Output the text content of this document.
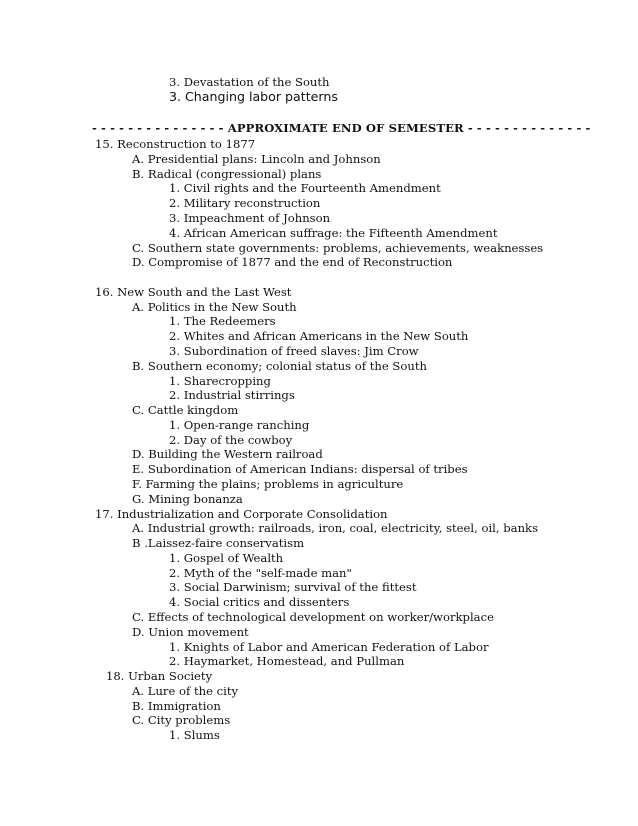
3. Devastation of the South
3. Changing labor patterns
- - - - - - - - - - - - - - - APPROXIMATE END OF SEMESTER - - - - - - - - - - - - - -
15. Reconstruction to 1877
A. Presidential plans: Lincoln and Johnson
B. Radical (congressional) plans
1. Civil rights and the Fourteenth Amendment
2. Military reconstruction
3. Impeachment of Johnson
4. African American suffrage: the Fifteenth Amendment
C. Southern state governments: problems, achievements, weaknesses
D. Compromise of 1877 and the end of Reconstruction
16. New South and the Last West
A. Politics in the New South
1. The Redeemers
2. Whites and African Americans in the New South
3. Subordination of freed slaves: Jim Crow
B. Southern economy; colonial status of the South
1. Sharecropping
2. Industrial stirrings
C. Cattle kingdom
1. Open-range ranching
2. Day of the cowboy
D. Building the Western railroad
E. Subordination of American Indians: dispersal of tribes
F. Farming the plains; problems in agriculture
G. Mining bonanza
17. Industrialization and Corporate Consolidation
A. Industrial growth: railroads, iron, coal, electricity, steel, oil, banks
B .Laissez-faire conservatism
1. Gospel of Wealth
2. Myth of the "self-made man"
3. Social Darwinism; survival of the fittest
4. Social critics and dissenters
C. Effects of technological development on worker/workplace
D. Union movement
1. Knights of Labor and American Federation of Labor
2. Haymarket, Homestead, and Pullman
18. Urban Society
A. Lure of the city
B. Immigration
C. City problems
1. Slums
